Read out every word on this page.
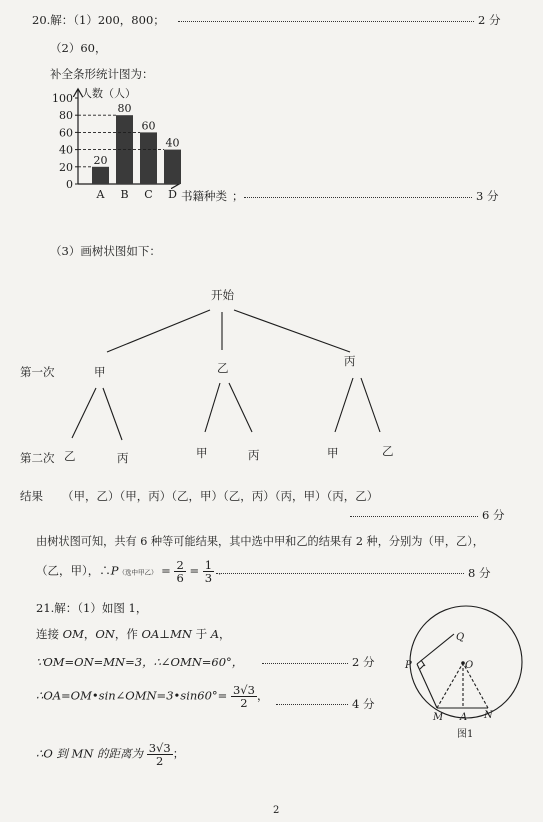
20.解：（1）200，800；	2 分
（2）60，
补全条形统计图为：
0
20
40
60
80
100 人数（人）
20
A
80
B
60
C
40
D 书籍种类 ；	3 分
（3）画树状图如下：
开始
第一次	甲	乙	丙
第二次 乙	丙	甲	丙	甲	乙
结果 （甲，乙）（甲，丙）（乙，甲）（乙，丙）（丙，甲）（丙，乙）
6 分
由树状图可知，共有 6 种等可能结果，其中选中甲和乙的结果有 2 种，分别为（甲，乙），
（乙，甲），∴P（选中甲乙） = $\frac{2}{6} = \frac{1}{3}$ .	8 分
21.解：（1）如图 1，
连接 OM，ON，作 OA⊥MN 于 A，
∵OM=ON=MN=3，∴∠OMN=60°，	2 分
∴OA=OM•sin∠OMN=3•sin60°= $\frac{3√3}{2}$ ，
4 分
∴O 到 MN 的距离为 $\frac{3√3}{2}$ ；
Q
P	O
M A N
图1
2
